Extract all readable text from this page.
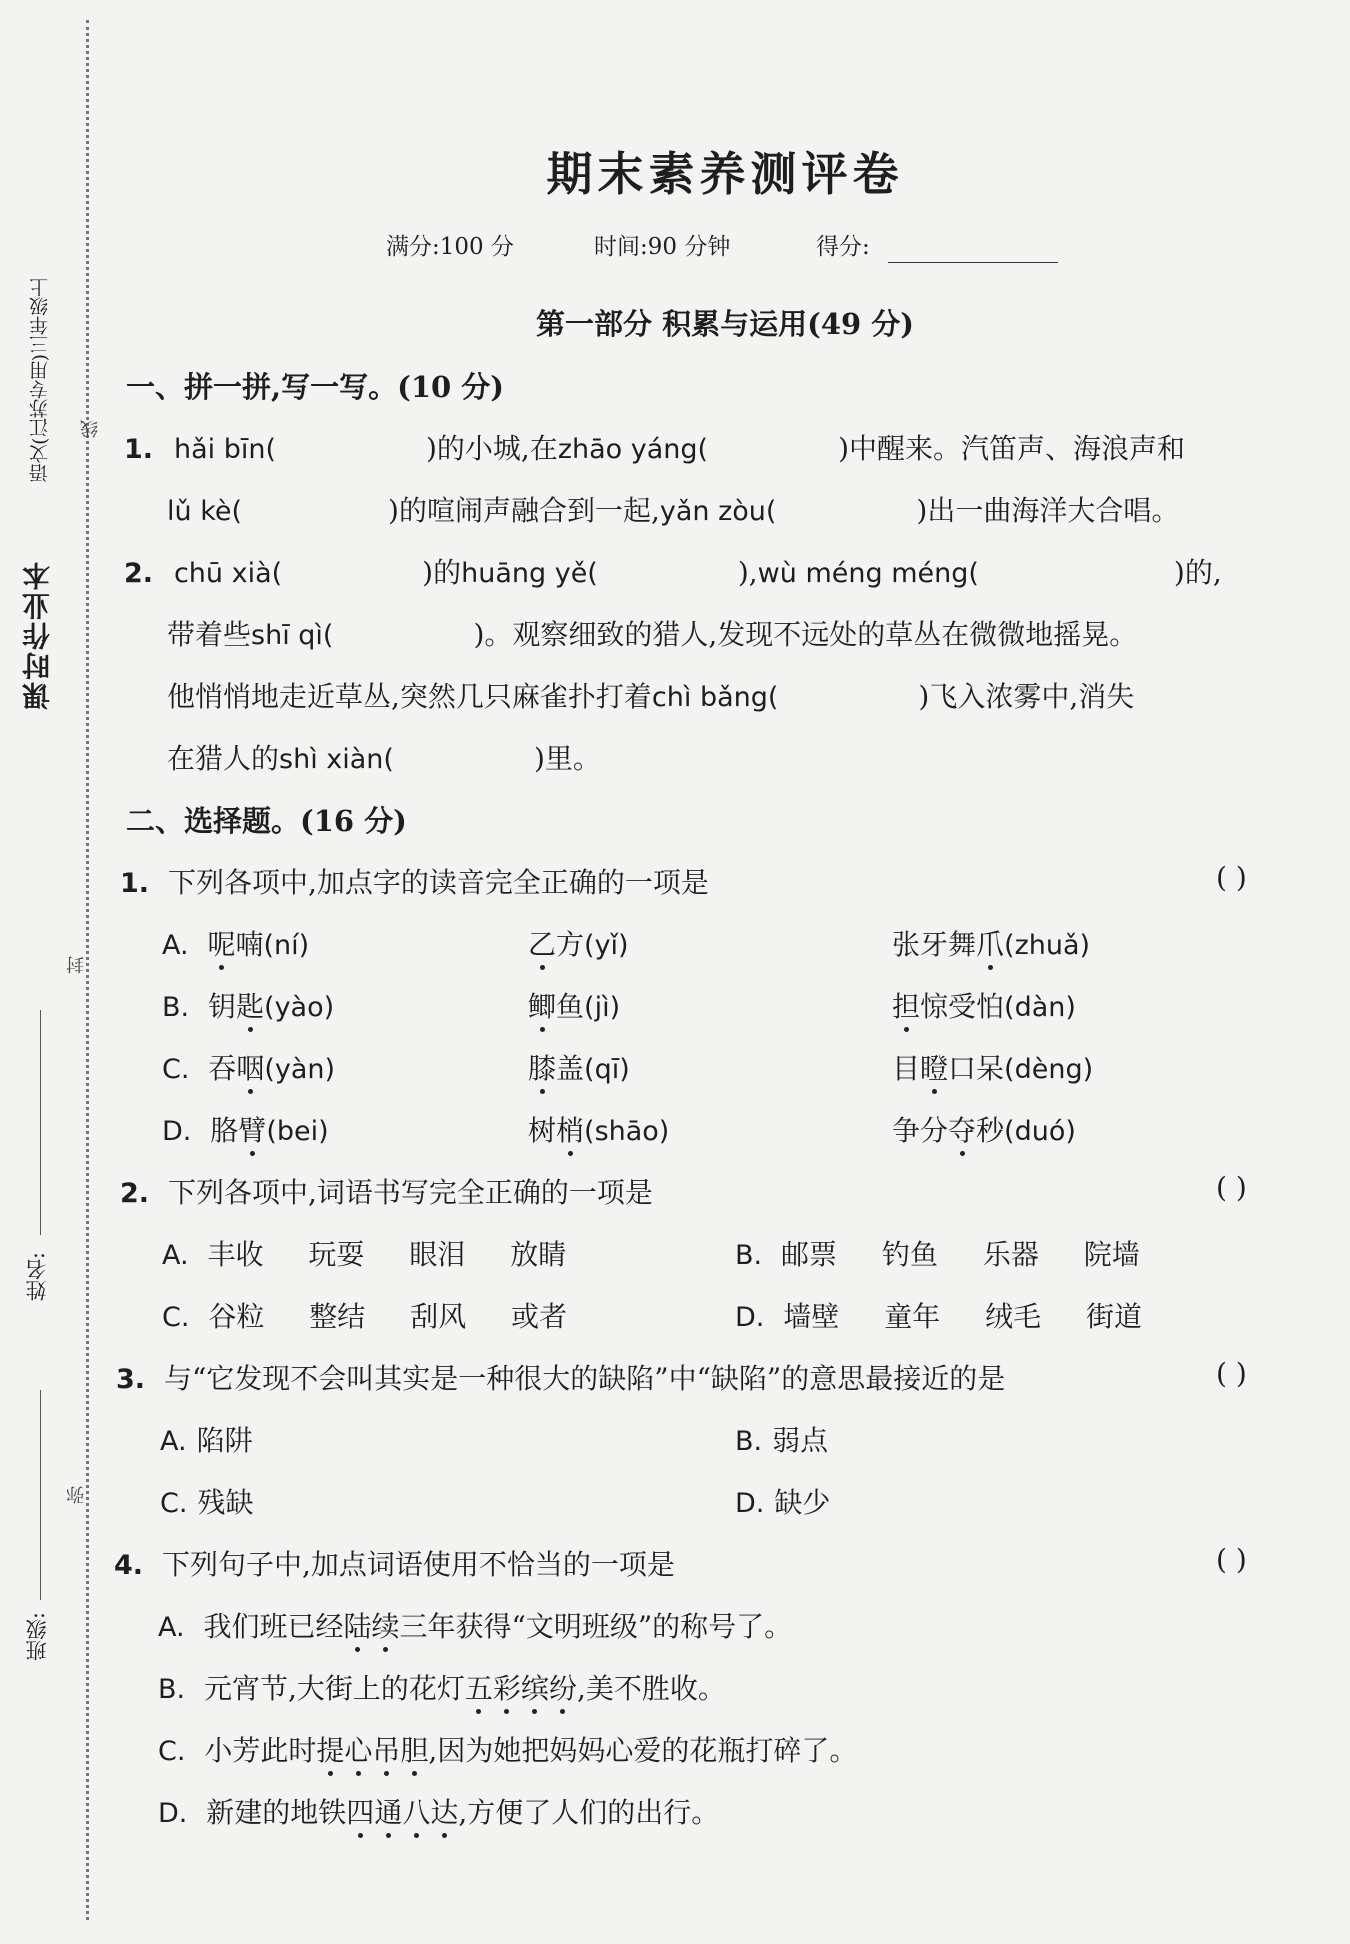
语文(江苏专用)三年级上
课时作业本
线
封
弥
姓名:
班级:
期末素养测评卷
满分:100 分	时间:90 分钟	得分:
第一部分 积累与运用(49 分)
一、拼一拼,写一写。(10 分)
1. hǎi bīn(	)的小城,在zhāo yáng(	)中醒来。汽笛声、海浪声和
lǔ kè(	)的喧闹声融合到一起,yǎn zòu(	)出一曲海洋大合唱。
2. chū xià(	)的huāng yě(	),wù méng méng(	)的,
带着些shī qì(	)。观察细致的猎人,发现不远处的草丛在微微地摇晃。
他悄悄地走近草丛,突然几只麻雀扑打着chì bǎng(	)飞入浓雾中,消失
在猎人的shì xiàn(	)里。
二、选择题。(16 分)
1. 下列各项中,加点字的读音完全正确的一项是	( )
A. 呢喃(ní)	乙方(yǐ)	张牙舞爪(zhuǎ)
B. 钥匙(yào)	鲫鱼(jì)	担惊受怕(dàn)
C. 吞咽(yàn)	膝盖(qī)	目瞪口呆(dèng)
D. 胳臂(bei)	树梢(shāo)	争分夺秒(duó)
2. 下列各项中,词语书写完全正确的一项是	( )
A. 丰收 玩耍 眼泪 放睛	B. 邮票 钓鱼 乐器 院墙
C. 谷粒 整结 刮风 或者	D. 墙壁 童年 绒毛 街道
3. 与“它发现不会叫其实是一种很大的缺陷”中“缺陷”的意思最接近的是	( )
A. 陷阱	B. 弱点
C. 残缺	D. 缺少
4. 下列句子中,加点词语使用不恰当的一项是	( )
A. 我们班已经陆续三年获得“文明班级”的称号了。
B. 元宵节,大街上的花灯五彩缤纷,美不胜收。
C. 小芳此时提心吊胆,因为她把妈妈心爱的花瓶打碎了。
D. 新建的地铁四通八达,方便了人们的出行。
